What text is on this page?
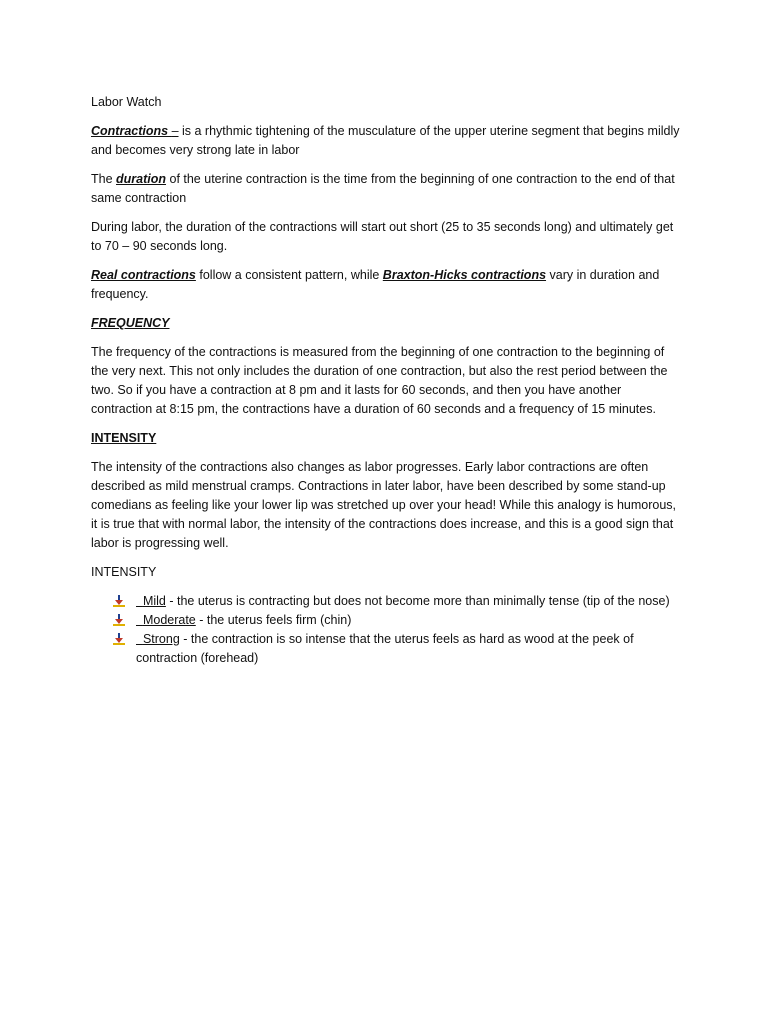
Labor Watch

Contractions – is a rhythmic tightening of the musculature of the upper uterine segment that begins mildly and becomes very strong late in labor

The duration of the uterine contraction is the time from the beginning of one contraction to the end of that same contraction

During labor, the duration of the contractions will start out short (25 to 35 seconds long) and ultimately get to 70 – 90 seconds long.

Real contractions follow a consistent pattern, while Braxton-Hicks contractions vary in duration and frequency.

FREQUENCY

The frequency of the contractions is measured from the beginning of one contraction to the beginning of the very next. This not only includes the duration of one contraction, but also the rest period between the two. So if you have a contraction at 8 pm and it lasts for 60 seconds, and then you have another contraction at 8:15 pm, the contractions have a duration of 60 seconds and a frequency of 15 minutes.

INTENSITY

The intensity of the contractions also changes as labor progresses. Early labor contractions are often described as mild menstrual cramps. Contractions in later labor, have been described by some stand-up comedians as feeling like your lower lip was stretched up over your head! While this analogy is humorous, it is true that with normal labor, the intensity of the contractions does increase, and this is a good sign that labor is progressing well.

INTENSITY

Mild - the uterus is contracting but does not become more than minimally tense (tip of the nose)
Moderate - the uterus feels firm (chin)
Strong - the contraction is so intense that the uterus feels as hard as wood at the peek of contraction (forehead)
